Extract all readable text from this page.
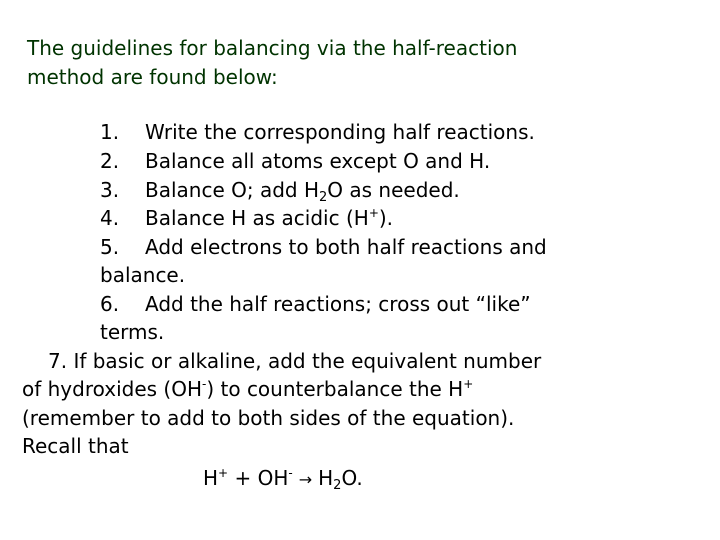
The guidelines for balancing via the half-reaction
method are found below:
1. Write the corresponding half reactions.
2. Balance all atoms except O and H.
3. Balance O; add $H_2O$ as needed.
4. Balance H as acidic (H+).
5. Add electrons to both half reactions and
balance.
6. Add the half reactions; cross out “like”
terms.
7. If basic or alkaline, add the equivalent number
of hydroxides (OH-) to counterbalance the H+
(remember to add to both sides of the equation).
Recall that
$H^+ + OH^- \to H_2O$.
